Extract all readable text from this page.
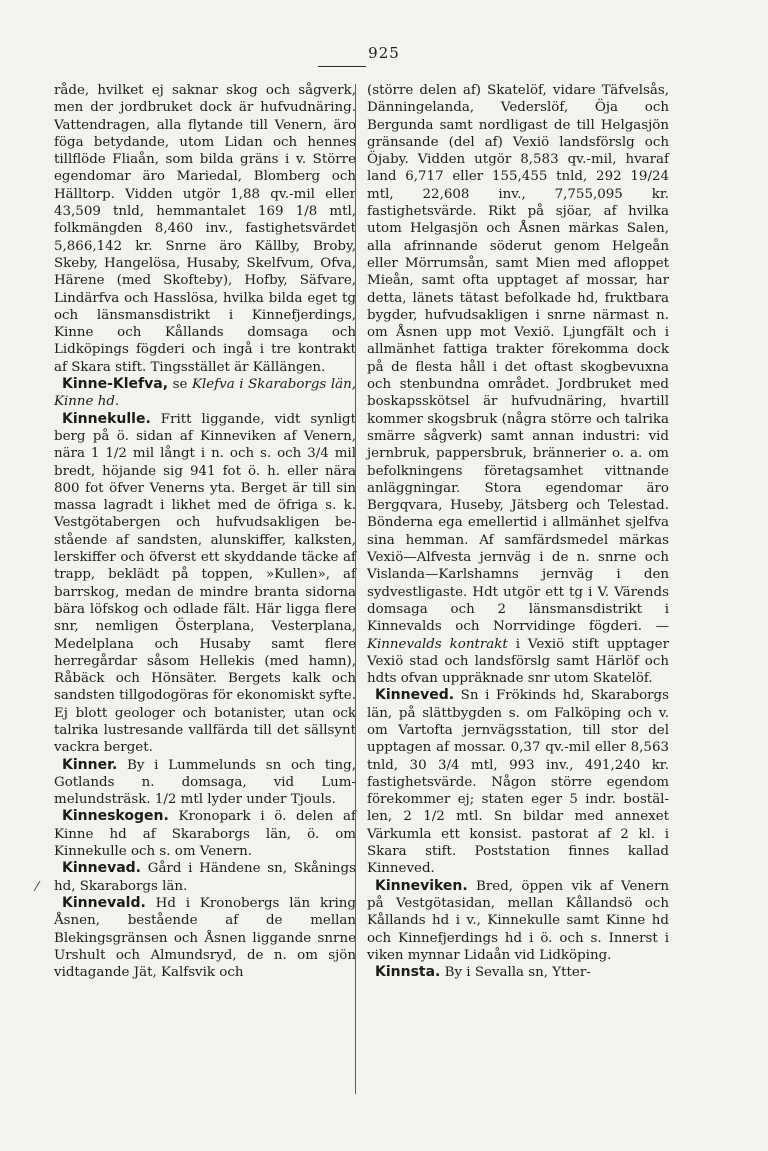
925

råde, hvilket ej saknar skog och sågverk, men der jordbruket dock är hufvudnäring. Vattendragen, alla flytande till Venern, äro föga betydande, utom Lidan och hennes tillflöde Fliaån, som bilda gräns i v. Större egendomar äro Mariedal, Blomberg och Hälltorp. Vidden utgör 1,88 qv.-mil eller 43,509 tnld, hemmantalet 169 1/8 mtl, folkmängden 8,460 inv., fastighetsvärdet 5,866,142 kr. Snrne äro Källby, Broby, Skeby, Hangelösa, Husaby, Skelfvum, Ofva, Härene (med Skofteby), Hofby, Säfvare, Lindärfva och Hasslösa, hvilka bilda eget tg och länsmansdistrikt i Kinnefjerdings, Kinne och Kållands domsaga och Lidköpings fögderi och ingå i tre kontrakt af Skara stift. Tingsstället är Källängen.

Kinne-Klefva, se Klefva i Skaraborgs län, Kinne hd.

Kinnekulle. Fritt liggande, vidt synligt berg på ö. sidan af Kinneviken af Venern, nära 1 1/2 mil långt i n. och s. och 3/4 mil bredt, höjande sig 941 fot ö. h. eller nära 800 fot öfver Venerns yta. Berget är till sin massa lagradt i likhet med de öfriga s. k. Vestgötabergen och hufvudsakligen bestående af sandsten, alunskiffer, kalksten, lerskiffer och öfverst ett skyddande täcke af trapp, beklädt på toppen, »Kullen», af barrskog, medan de mindre branta sidorna bära löfskog och odlade fält. Här ligga flere snr, nemligen Österplana, Vesterplana, Medelplana och Husaby samt flere herregårdar såsom Hellekis (med hamn), Råbäck och Hönsäter. Bergets kalk och sandsten tillgodogöras för ekonomiskt syfte. Ej blott geologer och botanister, utan ock talrika lustresande vallfärda till det sällsynt vackra berget.

Kinner. By i Lummelunds sn och ting, Gotlands n. domsaga, vid Lummelundsträsk. 1/2 mtl lyder under Tjouls.

Kinneskogen. Kronopark i ö. delen af Kinne hd af Skaraborgs län, ö. om Kinnekulle och s. om Venern.

Kinnevad. Gård i Händene sn, Skånings hd, Skaraborgs län.

Kinnevald. Hd i Kronobergs län kring Åsnen, bestående af de mellan Blekingsgränsen och Åsnen liggande snrne Urshult och Almundsryd, de n. om sjön vidtagande Jät, Kalfsvik och

(större delen af) Skatelöf, vidare Täfvelsås, Dänningelanda, Vederslöf, Öja och Bergunda samt nordligast de till Helgasjön gränsande (del af) Vexiö landsförslg och Öjaby. Vidden utgör 8,583 qv.-mil, hvaraf land 6,717 eller 155,455 tnld, 292 19/24 mtl, 22,608 inv., 7,755,095 kr. fastighetsvärde. Rikt på sjöar, af hvilka utom Helgasjön och Åsnen märkas Salen, alla afrinnande söderut genom Helgeån eller Mörrumsån, samt Mien med afloppet Mieån, samt ofta upptaget af mossar, har detta, länets tätast befolkade hd, fruktbara bygder, hufvudsakligen i snrne närmast n. om Åsnen upp mot Vexiö. Ljungfält och i allmänhet fattiga trakter förekomma dock på de flesta håll i det oftast skogbevuxna och stenbundna området. Jordbruket med boskapsskötsel är hufvudnäring, hvartill kommer skogsbruk (några större och talrika smärre sågverk) samt annan industri: vid jernbruk, pappersbruk, brännerier o. a. om befolkningens företagsamhet vittnande anläggningar. Stora egendomar äro Bergqvara, Huseby, Jätsberg och Telestad. Bönderna ega emellertid i allmänhet sjelfva sina hemman. Af samfärdsmedel märkas Vexiö—Alfvesta jernväg i de n. snrne och Vislanda—Karlshamns jernväg i den sydvestligaste. Hdt utgör ett tg i V. Värends domsaga och 2 länsmansdistrikt i Kinnevalds och Norrvidinge fögderi. — Kinnevalds kontrakt i Vexiö stift upptager Vexiö stad och landsförslg samt Härlöf och hdts ofvan uppräknade snr utom Skatelöf.

Kinneved. Sn i Frökinds hd, Skaraborgs län, på slättbygden s. om Falköping och v. om Vartofta jernvägsstation, till stor del upptagen af mossar. 0,37 qv.-mil eller 8,563 tnld, 30 3/4 mtl, 993 inv., 491,240 kr. fastighetsvärde. Någon större egendom förekommer ej; staten eger 5 indr. boställen, 2 1/2 mtl. Sn bildar med annexet Värkumla ett konsist. pastorat af 2 kl. i Skara stift. Poststation finnes kallad Kinneved.

Kinneviken. Bred, öppen vik af Venern på Vestgötasidan, mellan Kållandsö och Kållands hd i v., Kinnekulle samt Kinne hd och Kinnefjerdings hd i ö. och s. Innerst i viken mynnar Lidaån vid Lidköping.

Kinnsta. By i Sevalla sn, Ytter-
